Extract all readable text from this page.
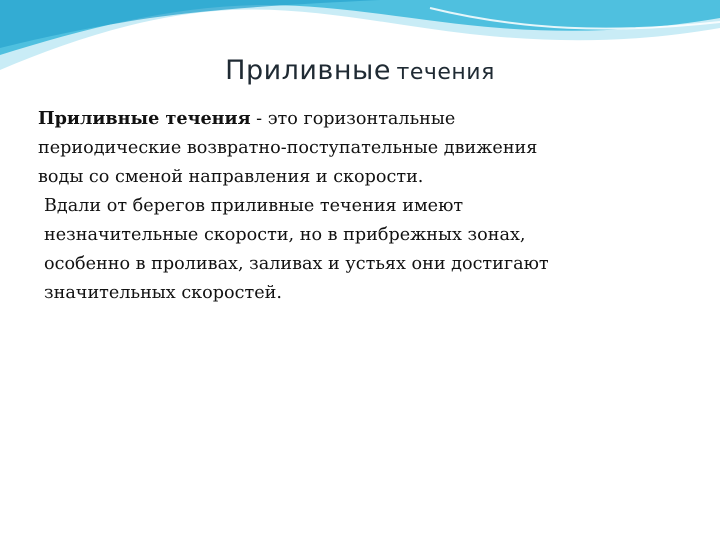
Приливные течения

Приливные течения - это горизонтальные
периодические возвратно-поступательные движения
воды со сменой направления и скорости.

Вдали от берегов приливные течения имеют
незначительные скорости, но в прибрежных зонах,
особенно в проливах, заливах и устьях они достигают
значительных скоростей.
